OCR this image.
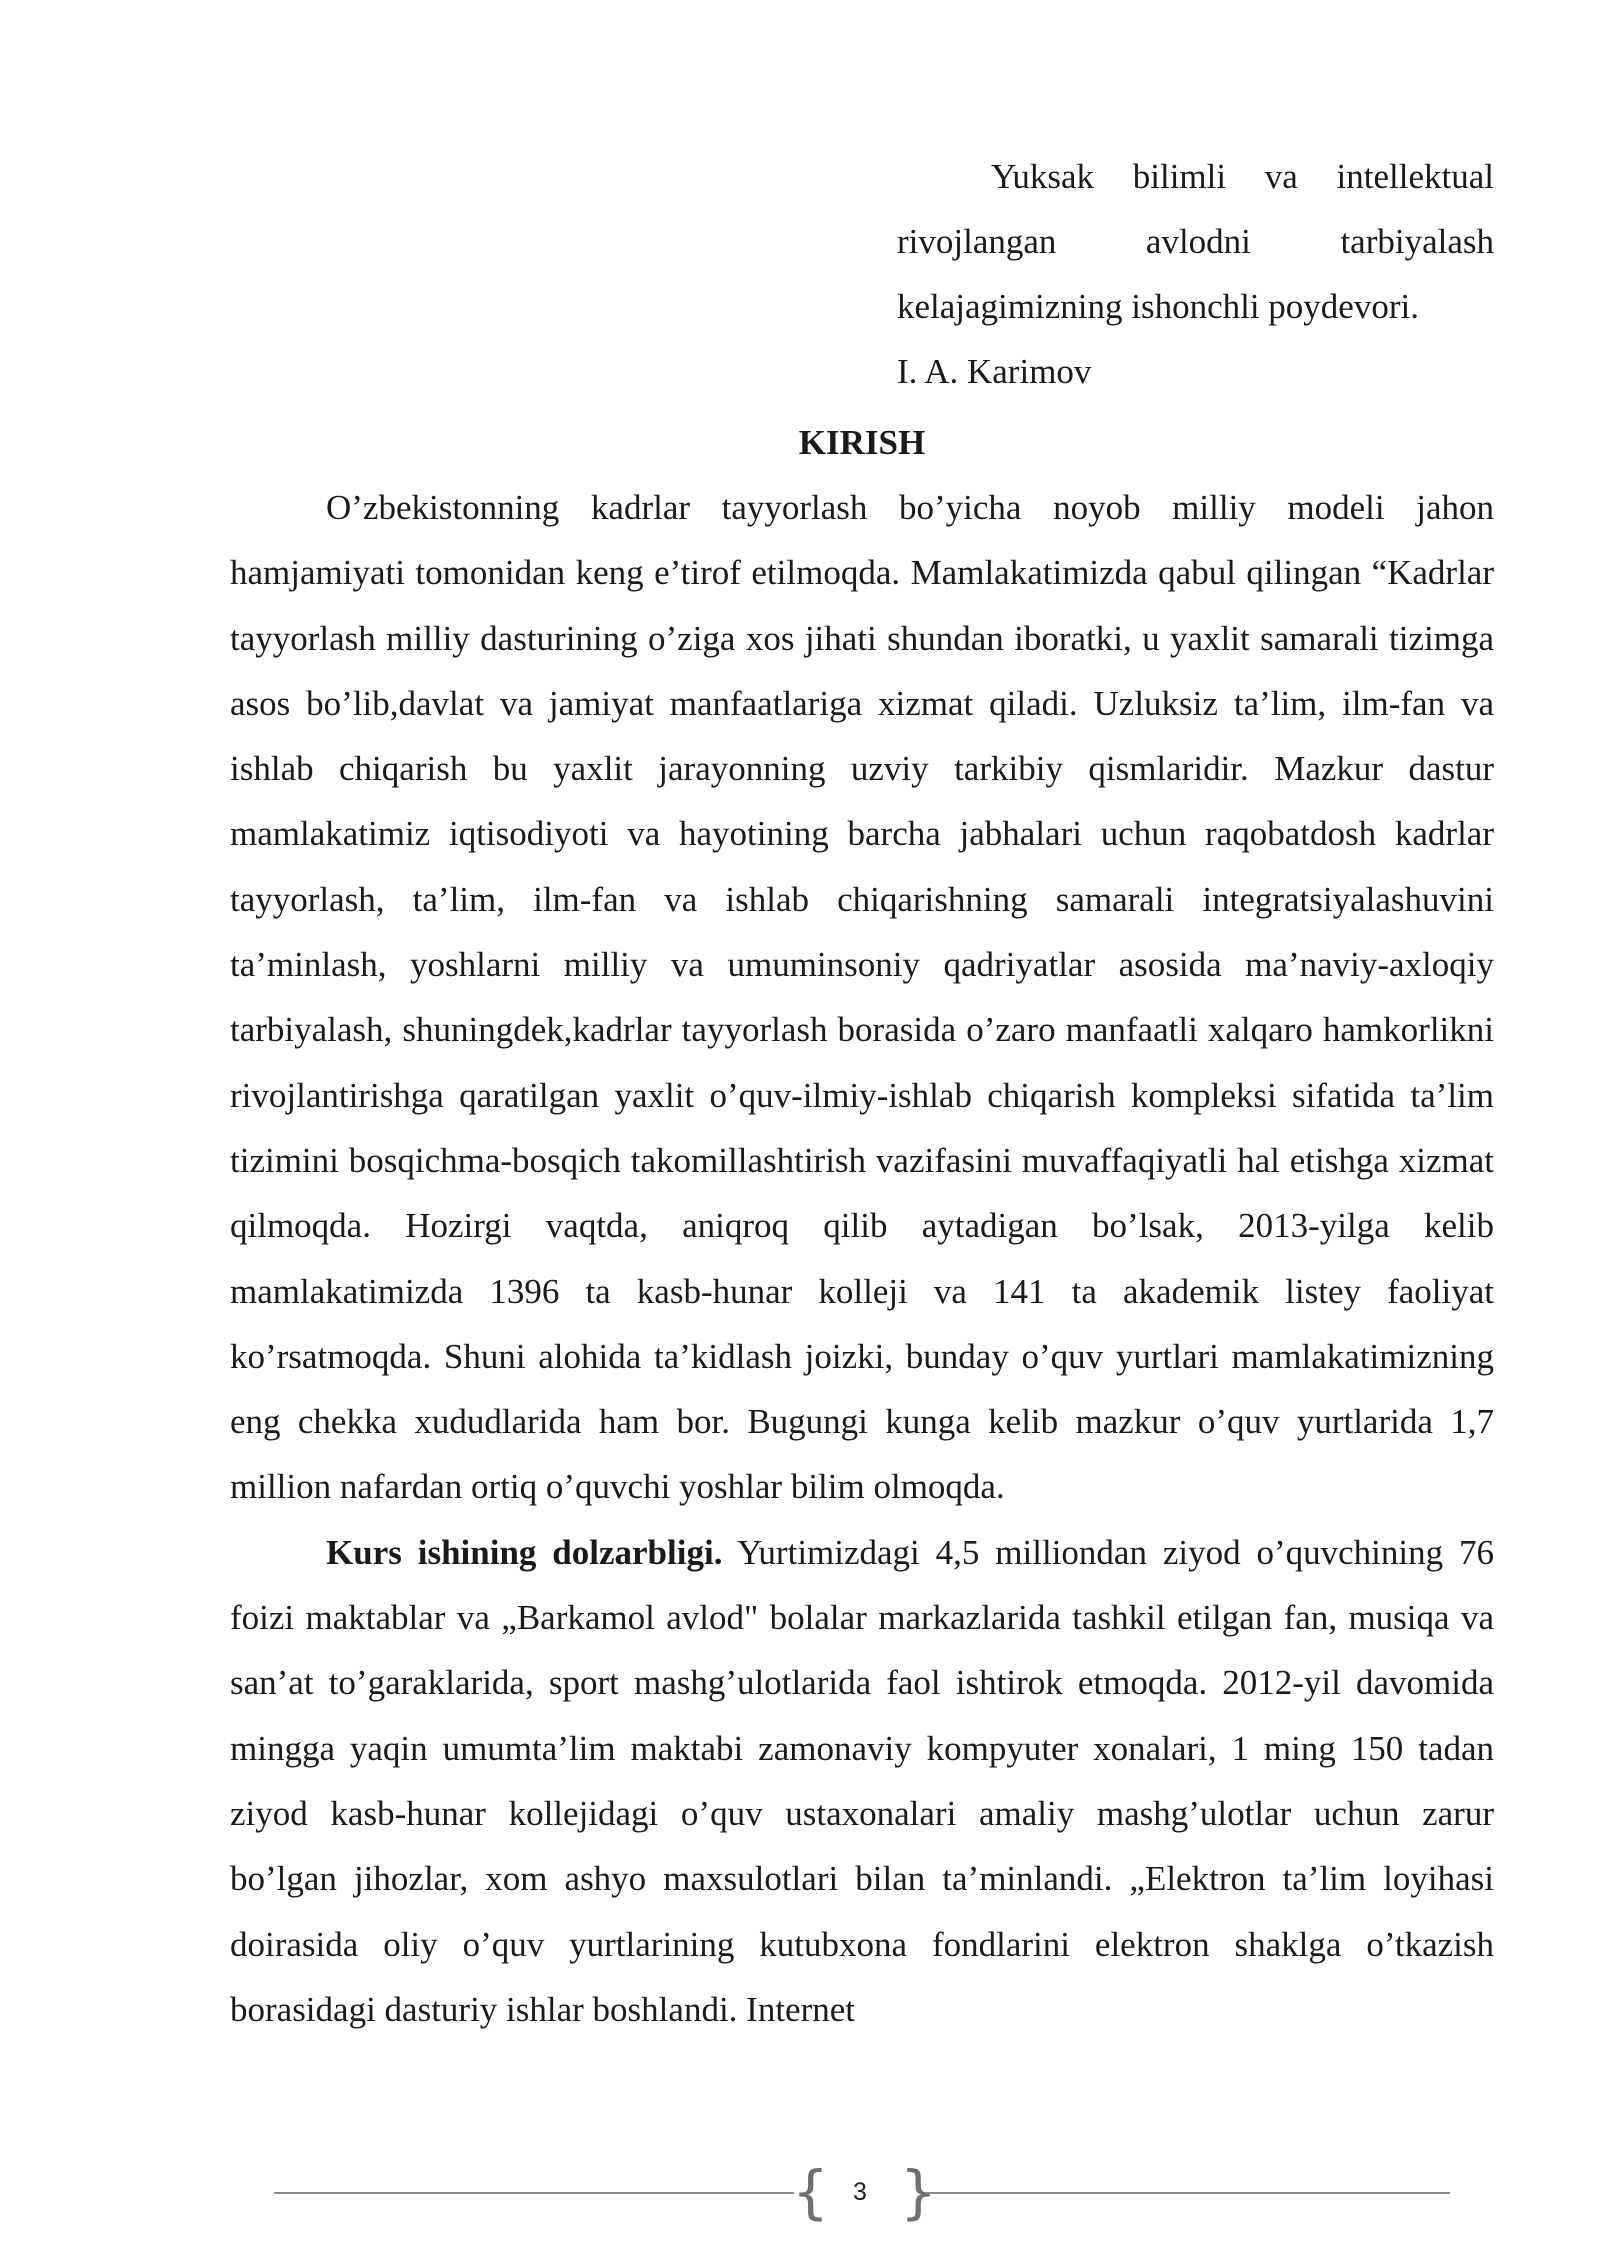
Yuksak bilimli va intellektual rivojlangan avlodni tarbiyalash kelajagimizning ishonchli poydevori.

I. A. Karimov

KIRISH

O’zbekistonning kadrlar tayyorlash bo’yicha noyob milliy modeli jahon hamjamiyati tomonidan keng e’tirof etilmoqda. Mamlakatimizda qabul qilingan “Kadrlar tayyorlash milliy dasturining o’ziga xos jihati shundan iboratki, u yaxlit samarali tizimga asos bo’lib,davlat va jamiyat manfaatlariga xizmat qiladi. Uzluksiz ta’lim, ilm-fan va ishlab chiqarish bu yaxlit jarayonning uzviy tarkibiy qismlaridir. Mazkur dastur mamlakatimiz iqtisodiyoti va hayotining barcha jabhalari uchun raqobatdosh kadrlar tayyorlash, ta’lim, ilm-fan va ishlab chiqarishning samarali integratsiyalashuvini ta’minlash, yoshlarni milliy va umuminsoniy qadriyatlar asosida ma’naviy-axloqiy tarbiyalash, shuningdek,kadrlar tayyorlash borasida o’zaro manfaatli xalqaro hamkorlikni rivojlantirishga qaratilgan yaxlit o’quv-ilmiy-ishlab chiqarish kompleksi sifatida ta’lim tizimini bosqichma-bosqich takomillashtirish vazifasini muvaffaqiyatli hal etishga xizmat qilmoqda. Hozirgi vaqtda, aniqroq qilib aytadigan bo’lsak, 2013-yilga kelib mamlakatimizda 1396 ta kasb-hunar kolleji va 141 ta akademik listey faoliyat ko’rsatmoqda. Shuni alohida ta’kidlash joizki, bunday o’quv yurtlari mamlakatimizning eng chekka xududlarida ham bor. Bugungi kunga kelib mazkur o’quv yurtlarida 1,7 million nafardan ortiq o’quvchi yoshlar bilim olmoqda.

Kurs ishining dolzarbligi. Yurtimizdagi 4,5 milliondan ziyod o’quvchining 76 foizi maktablar va „Barkamol avlod" bolalar markazlarida tashkil etilgan fan, musiqa va san’at to’garaklarida, sport mashg’ulotlarida faol ishtirok etmoqda. 2012-yil davomida mingga yaqin umumta’lim maktabi zamonaviy kompyuter xonalari, 1 ming 150 tadan ziyod kasb-hunar kollejidagi o’quv ustaxonalari amaliy mashg’ulotlar uchun zarur bo’lgan jihozlar, xom ashyo maxsulotlari bilan ta’minlandi. „Elektron ta’lim loyihasi doirasida oliy o’quv yurtlarining kutubxona fondlarini elektron shaklga o’tkazish borasidagi dasturiy ishlar boshlandi. Internet

{ 3 }
